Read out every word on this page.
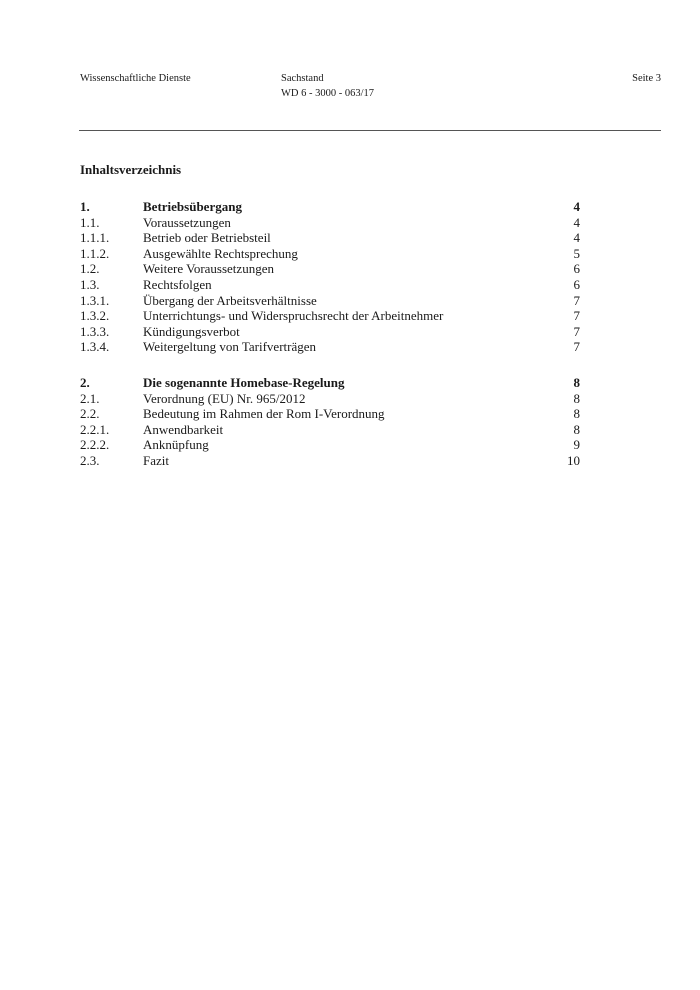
Wissenschaftliche Dienste	Sachstand
WD 6 - 3000 - 063/17
Seite 3
Inhaltsverzeichnis
1.	Betriebsübergang	4
1.1.	Voraussetzungen	4
1.1.1.	Betrieb oder Betriebsteil	4
1.1.2.	Ausgewählte Rechtsprechung	5
1.2.	Weitere Voraussetzungen	6
1.3.	Rechtsfolgen	6
1.3.1.	Übergang der Arbeitsverhältnisse	7
1.3.2.	Unterrichtungs- und Widerspruchsrecht der Arbeitnehmer	7
1.3.3.	Kündigungsverbot	7
1.3.4.	Weitergeltung von Tarifverträgen	7
2.	Die sogenannte Homebase-Regelung	8
2.1.	Verordnung (EU) Nr. 965/2012	8
2.2.	Bedeutung im Rahmen der Rom I-Verordnung	8
2.2.1.	Anwendbarkeit	8
2.2.2.	Anknüpfung	9
2.3.	Fazit	10
